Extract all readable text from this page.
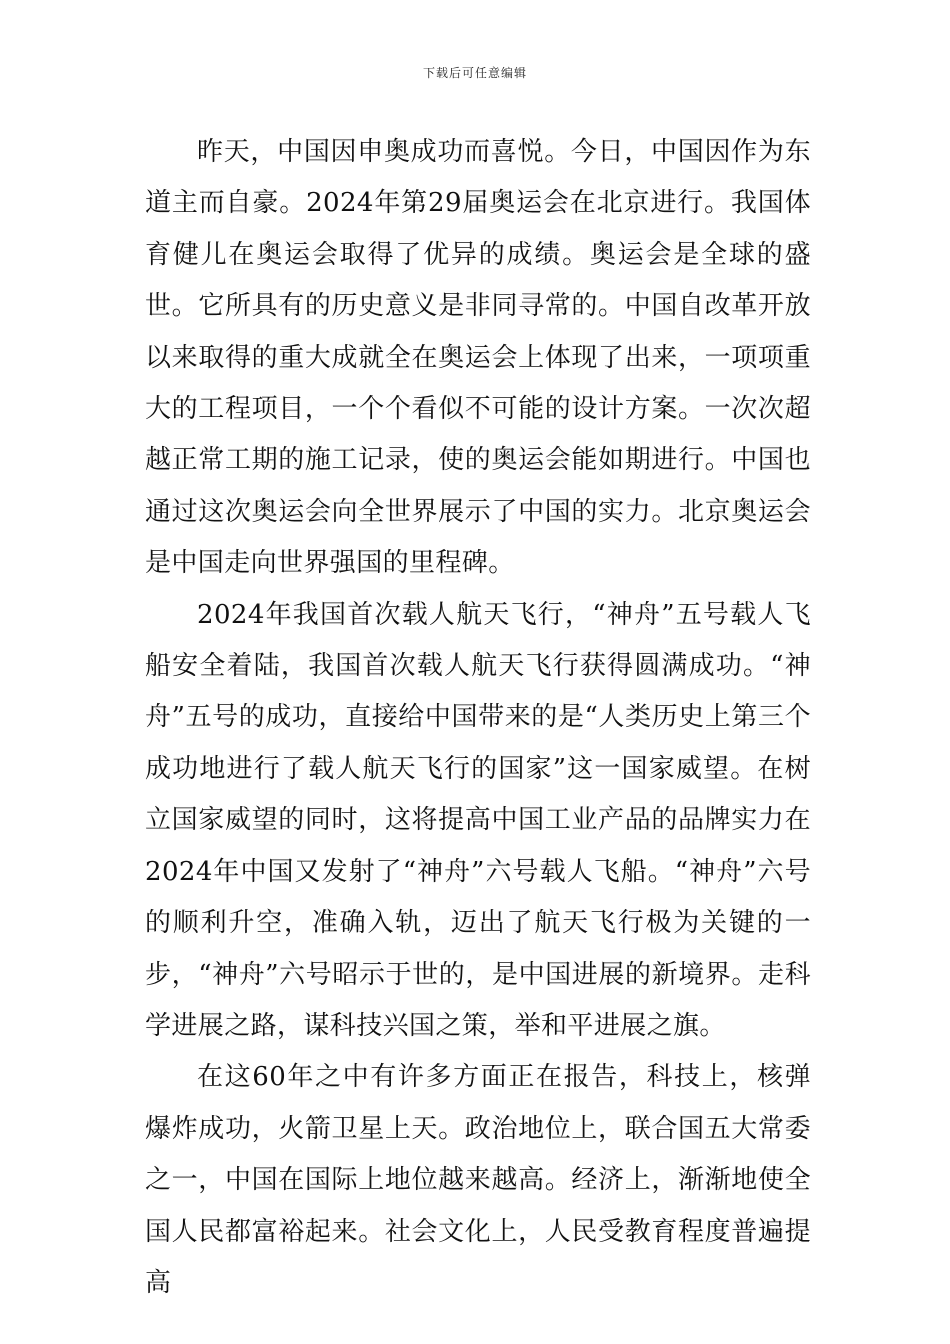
下载后可任意编辑

昨天，中国因申奥成功而喜悦。今日，中国因作为东道主而自豪。2024年第29届奥运会在北京进行。我国体育健儿在奥运会取得了优异的成绩。奥运会是全球的盛世。它所具有的历史意义是非同寻常的。中国自改革开放以来取得的重大成就全在奥运会上体现了出来，一项项重大的工程项目，一个个看似不可能的设计方案。一次次超越正常工期的施工记录，使的奥运会能如期进行。中国也通过这次奥运会向全世界展示了中国的实力。北京奥运会是中国走向世界强国的里程碑。

2024年我国首次载人航天飞行，“神舟”五号载人飞船安全着陆，我国首次载人航天飞行获得圆满成功。“神舟”五号的成功，直接给中国带来的是“人类历史上第三个成功地进行了载人航天飞行的国家”这一国家威望。在树立国家威望的同时，这将提高中国工业产品的品牌实力在2024年中国又发射了“神舟”六号载人飞船。“神舟”六号的顺利升空，准确入轨，迈出了航天飞行极为关键的一步，“神舟”六号昭示于世的，是中国进展的新境界。走科学进展之路，谋科技兴国之策，举和平进展之旗。

在这60年之中有许多方面正在报告，科技上，核弹爆炸成功，火箭卫星上天。政治地位上，联合国五大常委之一，中国在国际上地位越来越高。经济上，渐渐地使全国人民都富裕起来。社会文化上，人民受教育程度普遍提高
